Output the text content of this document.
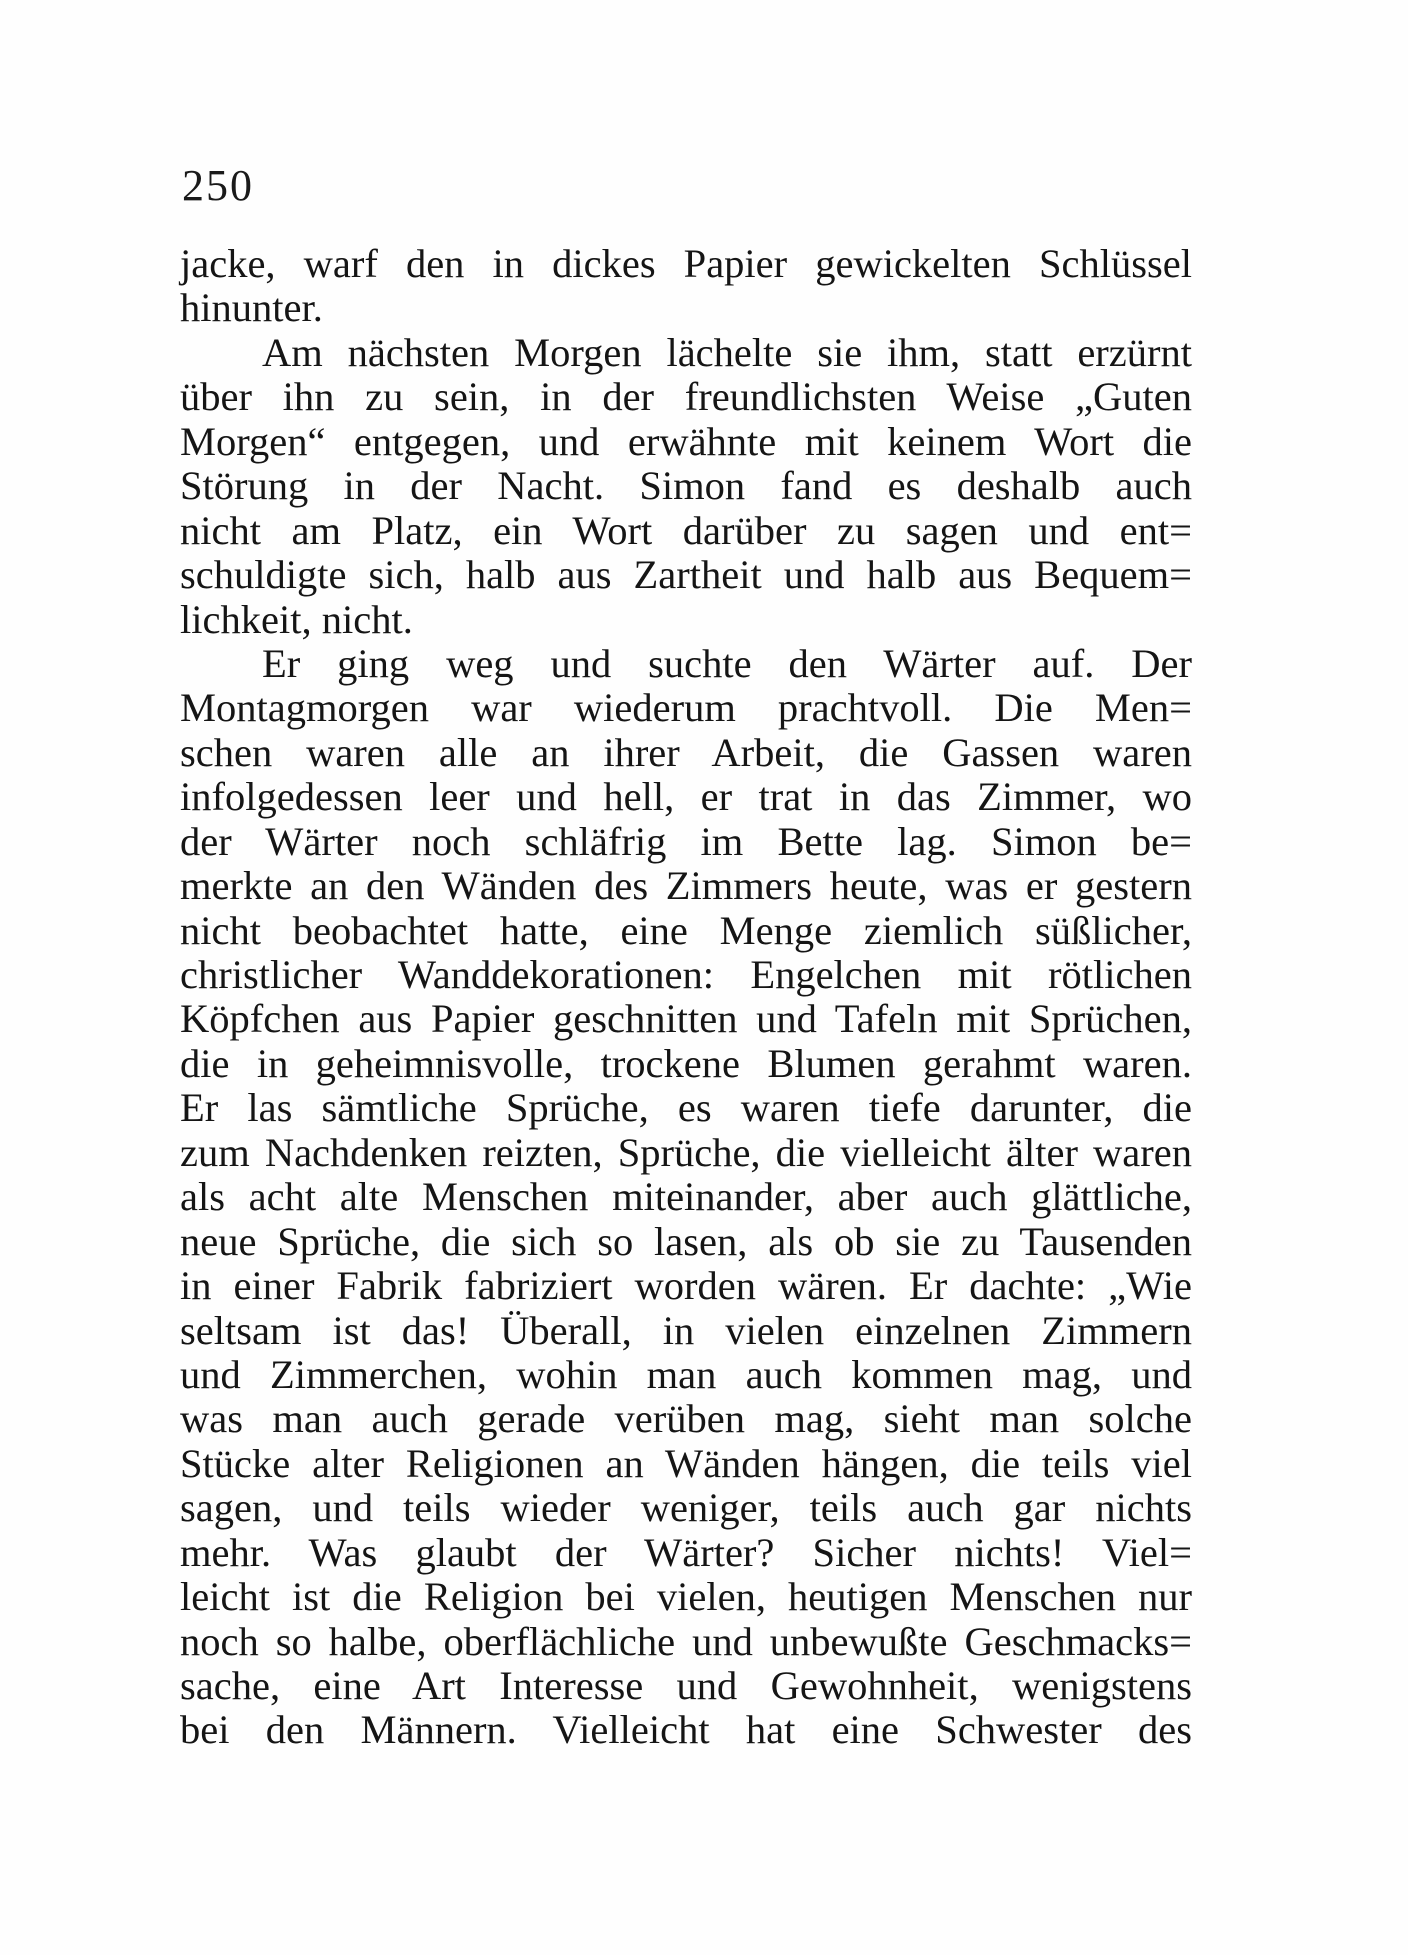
250
jacke, warf den in dickes Papier gewickelten Schlüssel
hinunter.
Am nächsten Morgen lächelte sie ihm, statt erzürnt
über ihn zu sein, in der freundlichsten Weise „Guten
Morgen“ entgegen, und erwähnte mit keinem Wort die
Störung in der Nacht. Simon fand es deshalb auch
nicht am Platz, ein Wort darüber zu sagen und ent=
schuldigte sich, halb aus Zartheit und halb aus Bequem=
lichkeit, nicht.
Er ging weg und suchte den Wärter auf. Der
Montagmorgen war wiederum prachtvoll. Die Men=
schen waren alle an ihrer Arbeit, die Gassen waren
infolgedessen leer und hell, er trat in das Zimmer, wo
der Wärter noch schläfrig im Bette lag. Simon be=
merkte an den Wänden des Zimmers heute, was er gestern
nicht beobachtet hatte, eine Menge ziemlich süßlicher,
christlicher Wanddekorationen: Engelchen mit rötlichen
Köpfchen aus Papier geschnitten und Tafeln mit Sprüchen,
die in geheimnisvolle, trockene Blumen gerahmt waren.
Er las sämtliche Sprüche, es waren tiefe darunter, die
zum Nachdenken reizten, Sprüche, die vielleicht älter waren
als acht alte Menschen miteinander, aber auch glättliche,
neue Sprüche, die sich so lasen, als ob sie zu Tausenden
in einer Fabrik fabriziert worden wären. Er dachte: „Wie
seltsam ist das! Überall, in vielen einzelnen Zimmern
und Zimmerchen, wohin man auch kommen mag, und
was man auch gerade verüben mag, sieht man solche
Stücke alter Religionen an Wänden hängen, die teils viel
sagen, und teils wieder weniger, teils auch gar nichts
mehr. Was glaubt der Wärter? Sicher nichts! Viel=
leicht ist die Religion bei vielen, heutigen Menschen nur
noch so halbe, oberflächliche und unbewußte Geschmacks=
sache, eine Art Interesse und Gewohnheit, wenigstens
bei den Männern. Vielleicht hat eine Schwester des
